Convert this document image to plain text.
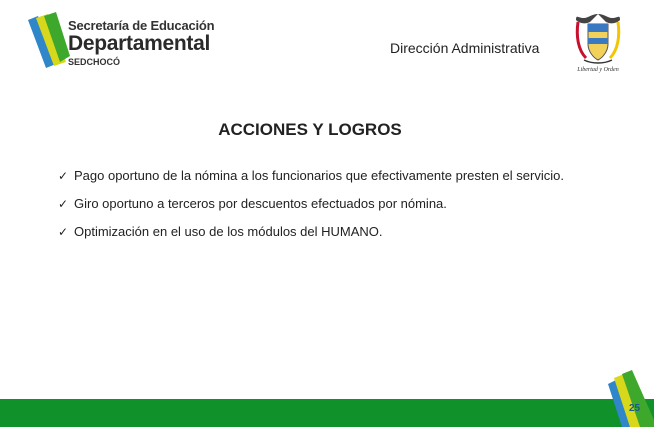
Secretaría de Educación
Departamental
SEDCHOCÓ
Dirección Administrativa
Libertad y Orden
ACCIONES Y LOGROS
✓ Pago oportuno de la nómina a los funcionarios que efectivamente presten el servicio.
✓ Giro oportuno a terceros por descuentos efectuados por nómina.
✓ Optimización en el uso de los módulos del HUMANO.
25
